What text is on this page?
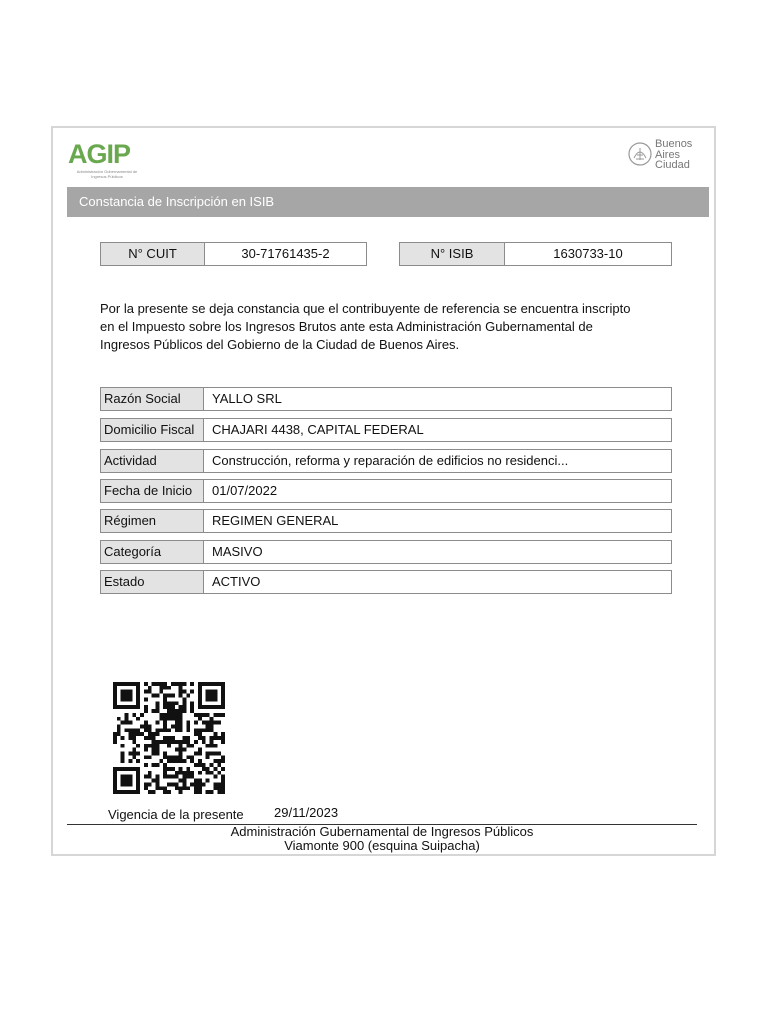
AGIP
Administración Gubernamental de Ingresos Públicos
Buenos
Aires
Ciudad
Constancia de Inscripción en ISIB
N° CUIT	30-71761435-2	N° ISIB	1630733-10
Por la presente se deja constancia que el contribuyente de referencia se encuentra inscripto
en el Impuesto sobre los Ingresos Brutos ante esta Administración Gubernamental de
Ingresos Públicos del Gobierno de la Ciudad de Buenos Aires.
Razón Social	YALLO SRL
Domicilio Fiscal	CHAJARI 4438, CAPITAL FEDERAL
Actividad	Construcción, reforma y reparación de edificios no residenci...
Fecha de Inicio	01/07/2022
Régimen	REGIMEN GENERAL
Categoría	MASIVO
Estado	ACTIVO
Vigencia de la presente 29/11/2023
Administración Gubernamental de Ingresos Públicos
Viamonte 900 (esquina Suipacha)
